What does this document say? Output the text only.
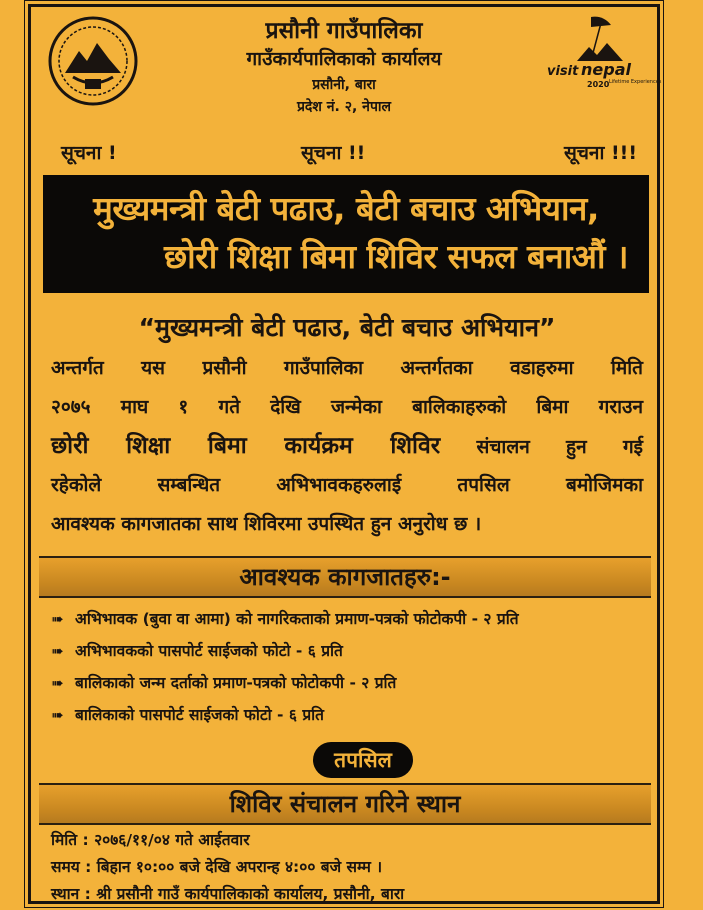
प्रसौनी गाउँपालिका
गाउँकार्यपालिकाको कार्यालय
प्रसौनी, बारा
प्रदेश नं. २, नेपाल
visit nepal
2020 Lifetime Experiences
सूचना !	सूचना !!	सूचना !!!
मुख्यमन्त्री बेटी पढाउ, बेटी बचाउ अभियान,
छोरी शिक्षा बिमा शिविर सफल बनाऔं ।
“मुख्यमन्त्री बेटी पढाउ, बेटी बचाउ अभियान”
अन्तर्गत यस प्रसौनी गाउँपालिका अन्तर्गतका वडाहरुमा मिति
२०७५ माघ १ गते देखि जन्मेका बालिकाहरुको बिमा गराउन
छोरी शिक्षा बिमा कार्यक्रम शिविर संचालन हुन गई
रहेकोले सम्बन्धित अभिभावकहरुलाई तपसिल बमोजिमका
आवश्यक कागजातका साथ शिविरमा उपस्थित हुन अनुरोध छ ।
आवश्यक कागजातहरु:-
➠ अभिभावक (बुवा वा आमा) को नागरिकताको प्रमाण-पत्रको फोटोकपी - २ प्रति
➠ अभिभावकको पासपोर्ट साईजको फोटो - ६ प्रति
➠ बालिकाको जन्म दर्ताको प्रमाण-पत्रको फोटोकपी - २ प्रति
➠ बालिकाको पासपोर्ट साईजको फोटो - ६ प्रति
तपसिल
शिविर संचालन गरिने स्थान
मिति : २०७६/११/०४ गते आईतवार
समय : बिहान १०:०० बजे देखि अपरान्ह ४:०० बजे सम्म ।
स्थान : श्री प्रसौनी गाउँ कार्यपालिकाको कार्यालय, प्रसौनी, बारा
